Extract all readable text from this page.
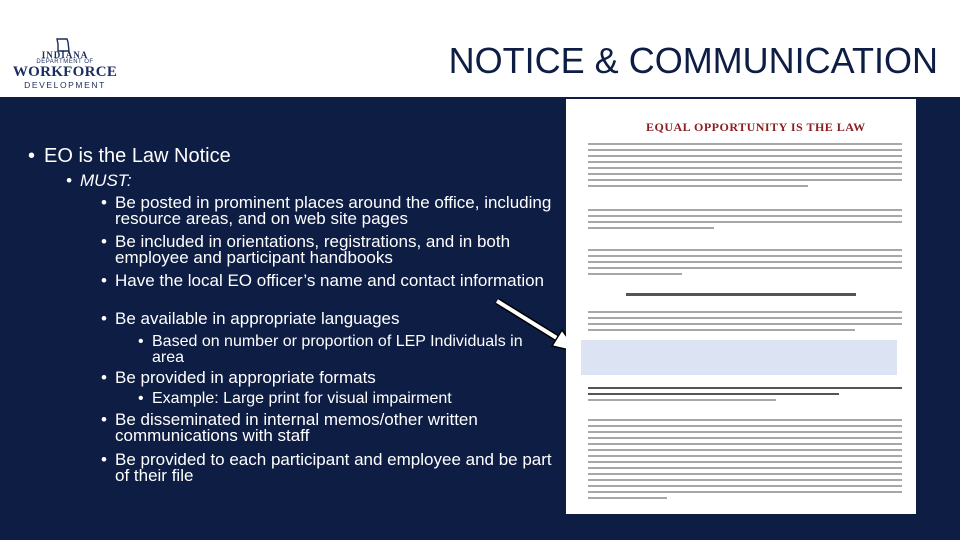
INDIANA
DEPARTMENT OF
WORKFORCE
DEVELOPMENT
NOTICE & COMMUNICATION
• EO is the Law Notice
• MUST:
• Be posted in prominent places around the office, including resource areas, and on web site pages
• Be included in orientations, registrations, and in both employee and participant handbooks
• Have the local EO officer’s name and contact information
• Be available in appropriate languages
• Based on number or proportion of LEP Individuals in area
• Be provided in appropriate formats
• Example: Large print for visual impairment
• Be disseminated in internal memos/other written communications with staff
• Be provided to each participant and employee and be part of their file
EQUAL OPPORTUNITY IS THE LAW
